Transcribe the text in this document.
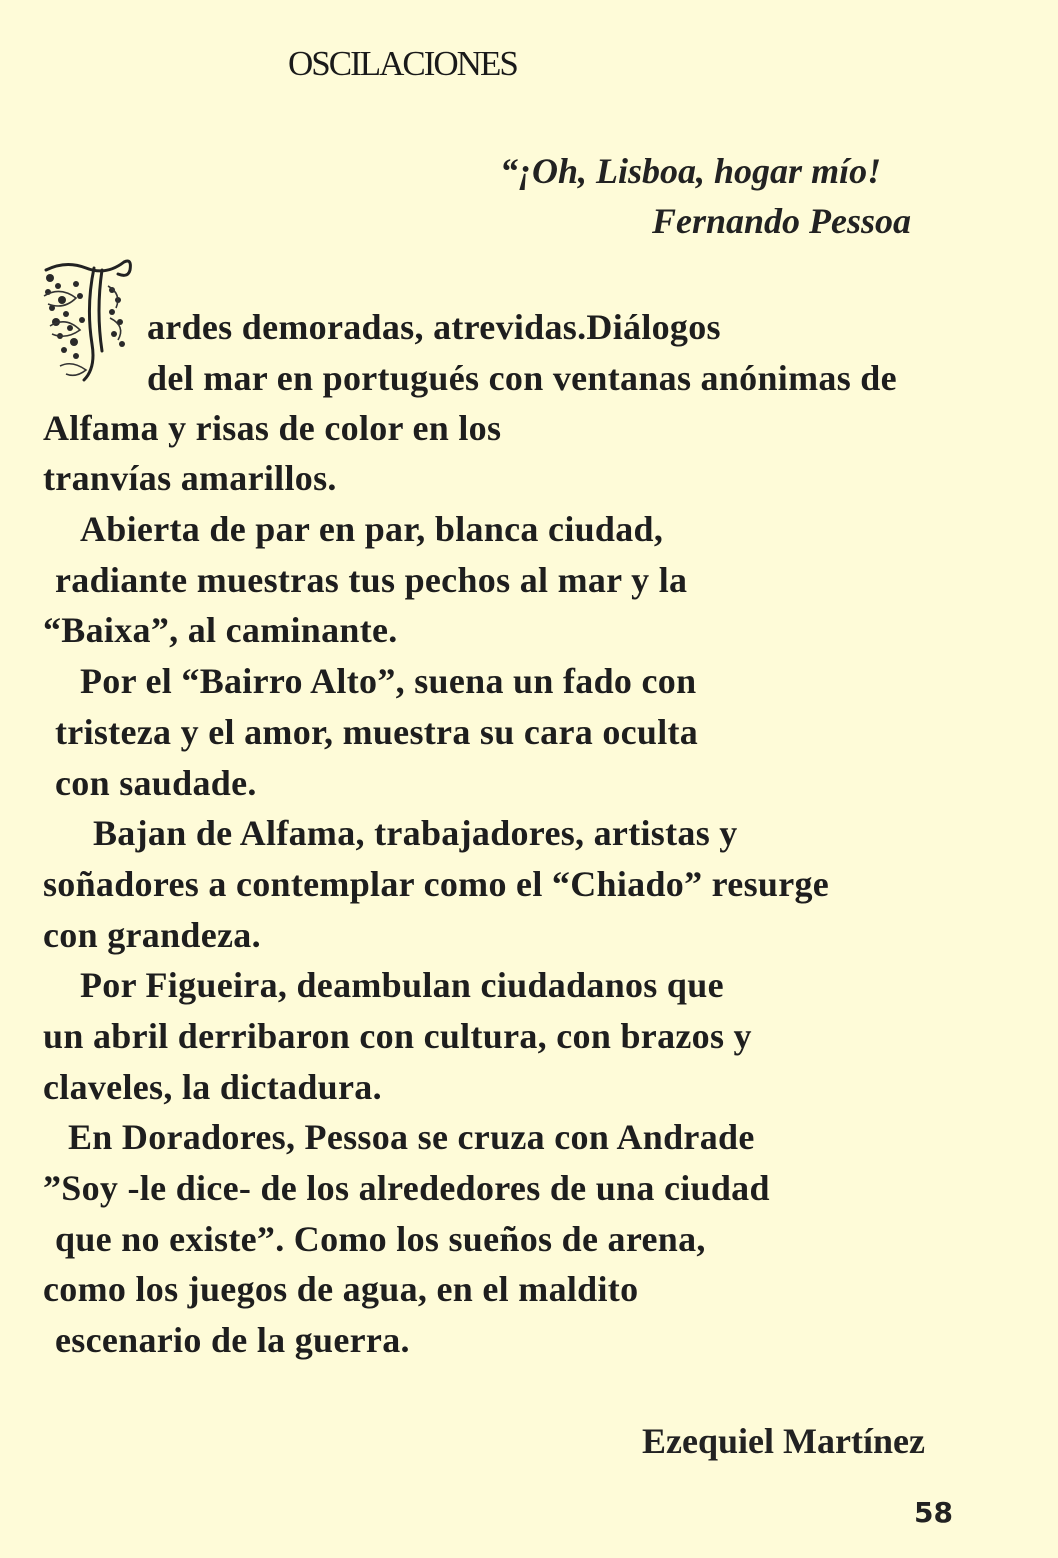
OSCILACIONES
“¡Oh, Lisboa, hogar mío!
Fernando Pessoa
ardes demoradas, atrevidas.Diálogos
del mar en portugués con ventanas anónimas de
Alfama y risas de color en los
tranvías amarillos.
Abierta de par en par, blanca ciudad,
radiante muestras tus pechos al mar y la
“Baixa”, al caminante.
Por el “Bairro Alto”, suena un fado con
tristeza y el amor, muestra su cara oculta
con saudade.
Bajan de Alfama, trabajadores, artistas y
soñadores a contemplar como el “Chiado” resurge
con grandeza.
Por Figueira, deambulan ciudadanos que
un abril derribaron con cultura, con brazos y
claveles, la dictadura.
En Doradores, Pessoa se cruza con Andrade
”Soy -le dice- de los alrededores de una ciudad
que no existe”. Como los sueños de arena,
como los juegos de agua, en el maldito
escenario de la guerra.
Ezequiel Martínez
58
